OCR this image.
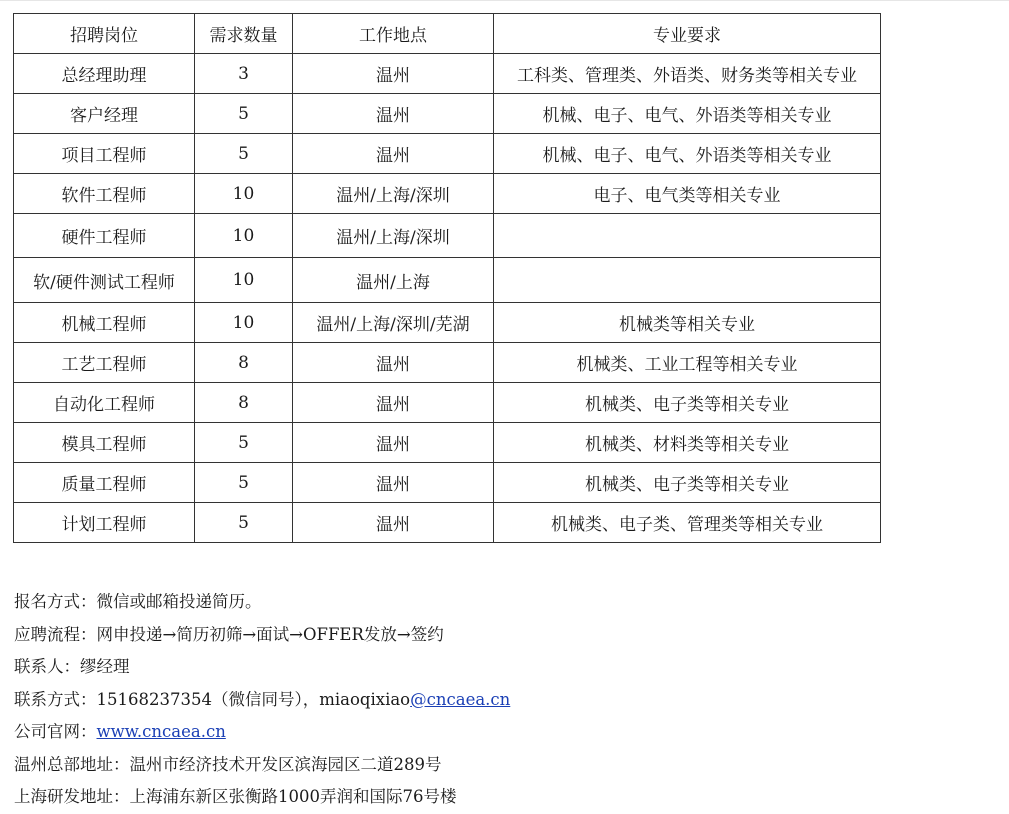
招聘岗位	需求数量	工作地点	专业要求
总经理助理	3	温州	工科类、管理类、外语类、财务类等相关专业
客户经理	5	温州	机械、电子、电气、外语类等相关专业
项目工程师	5	温州	机械、电子、电气、外语类等相关专业
软件工程师	10	温州/上海/深圳	电子、电气类等相关专业
硬件工程师	10	温州/上海/深圳	
软/硬件测试工程师	10	温州/上海	
机械工程师	10	温州/上海/深圳/芜湖	机械类等相关专业
工艺工程师	8	温州	机械类、工业工程等相关专业
自动化工程师	8	温州	机械类、电子类等相关专业
模具工程师	5	温州	机械类、材料类等相关专业
质量工程师	5	温州	机械类、电子类等相关专业
计划工程师	5	温州	机械类、电子类、管理类等相关专业
报名方式：微信或邮箱投递简历。
应聘流程：网申投递→简历初筛→面试→OFFER发放→签约
联系人：缪经理
联系方式：15168237354（微信同号），miaoqixiao@cncaea.cn
公司官网：www.cncaea.cn
温州总部地址：温州市经济技术开发区滨海园区二道289号
上海研发地址：上海浦东新区张衡路1000弄润和国际76号楼
